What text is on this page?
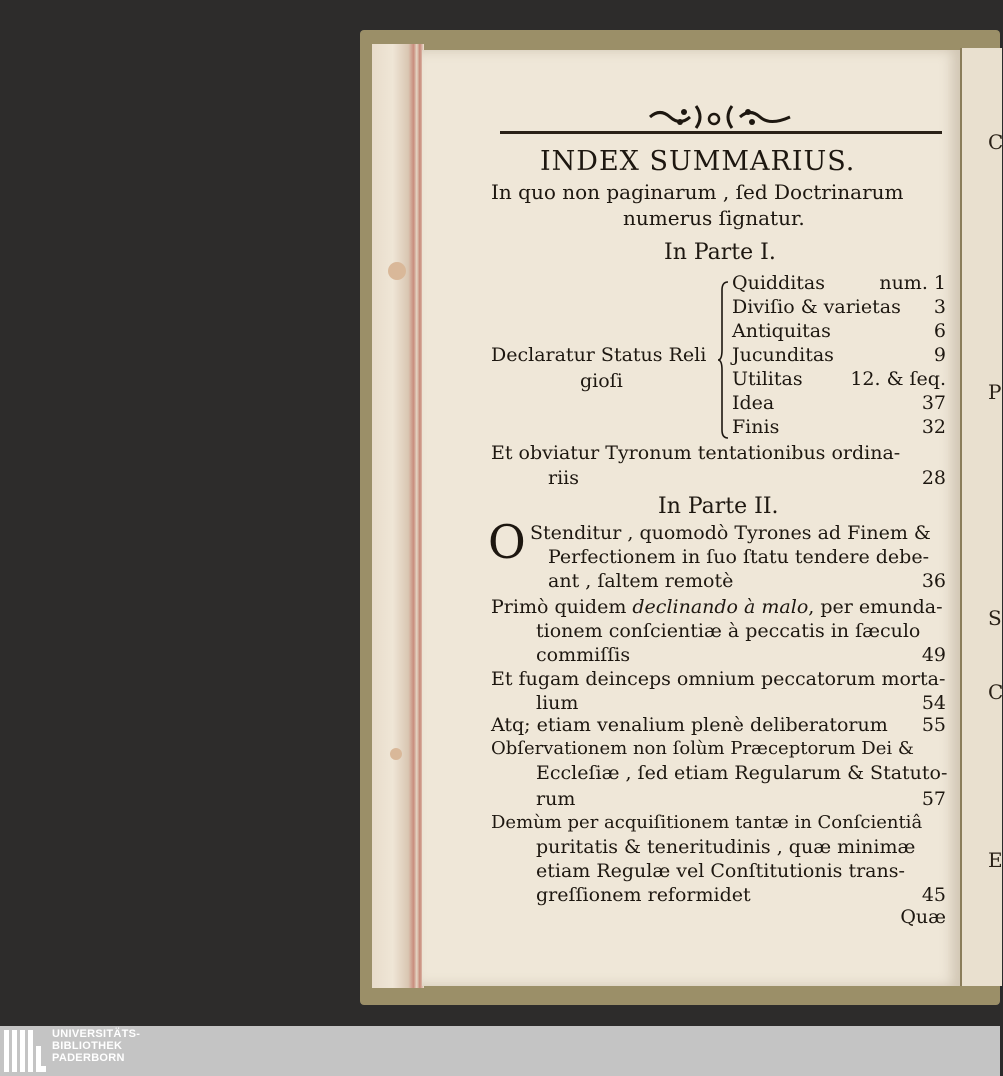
C
P
S
C
E
INDEX SUMMARIUS.
In quo non paginarum , ſed Doctrinarum
numerus ſignatur.
In Parte I.
Declaratur Status Reli
gioſi
Quidditas	num. 1
Diviſio & varietas	3
Antiquitas	6
Jucunditas	9
Utilitas	12. & ſeq.
Idea	37
Finis	32
Et obviatur Tyronum tentationibus ordina-
riis	28
In Parte II.
O Stenditur , quomodò Tyrones ad Finem &
Perfectionem in ſuo ſtatu tendere debe-
ant , ſaltem remotè	36
Primò quidem declinando à malo, per emunda-
tionem conſcientiæ à peccatis in ſæculo
commiſſis	49
Et fugam deinceps omnium peccatorum morta-
lium	54
Atq; etiam venalium plenè deliberatorum	55
Obſervationem non ſolùm Præceptorum Dei &
Eccleſiæ , ſed etiam Regularum & Statuto-
rum	57
Demùm per acquiſitionem tantæ in Conſcientiâ
puritatis & teneritudinis , quæ minimæ
etiam Regulæ vel Conſtitutionis trans-
greſſionem reformidet	45
Quæ
UNIVERSITÄTS-
BIBLIOTHEK
PADERBORN
